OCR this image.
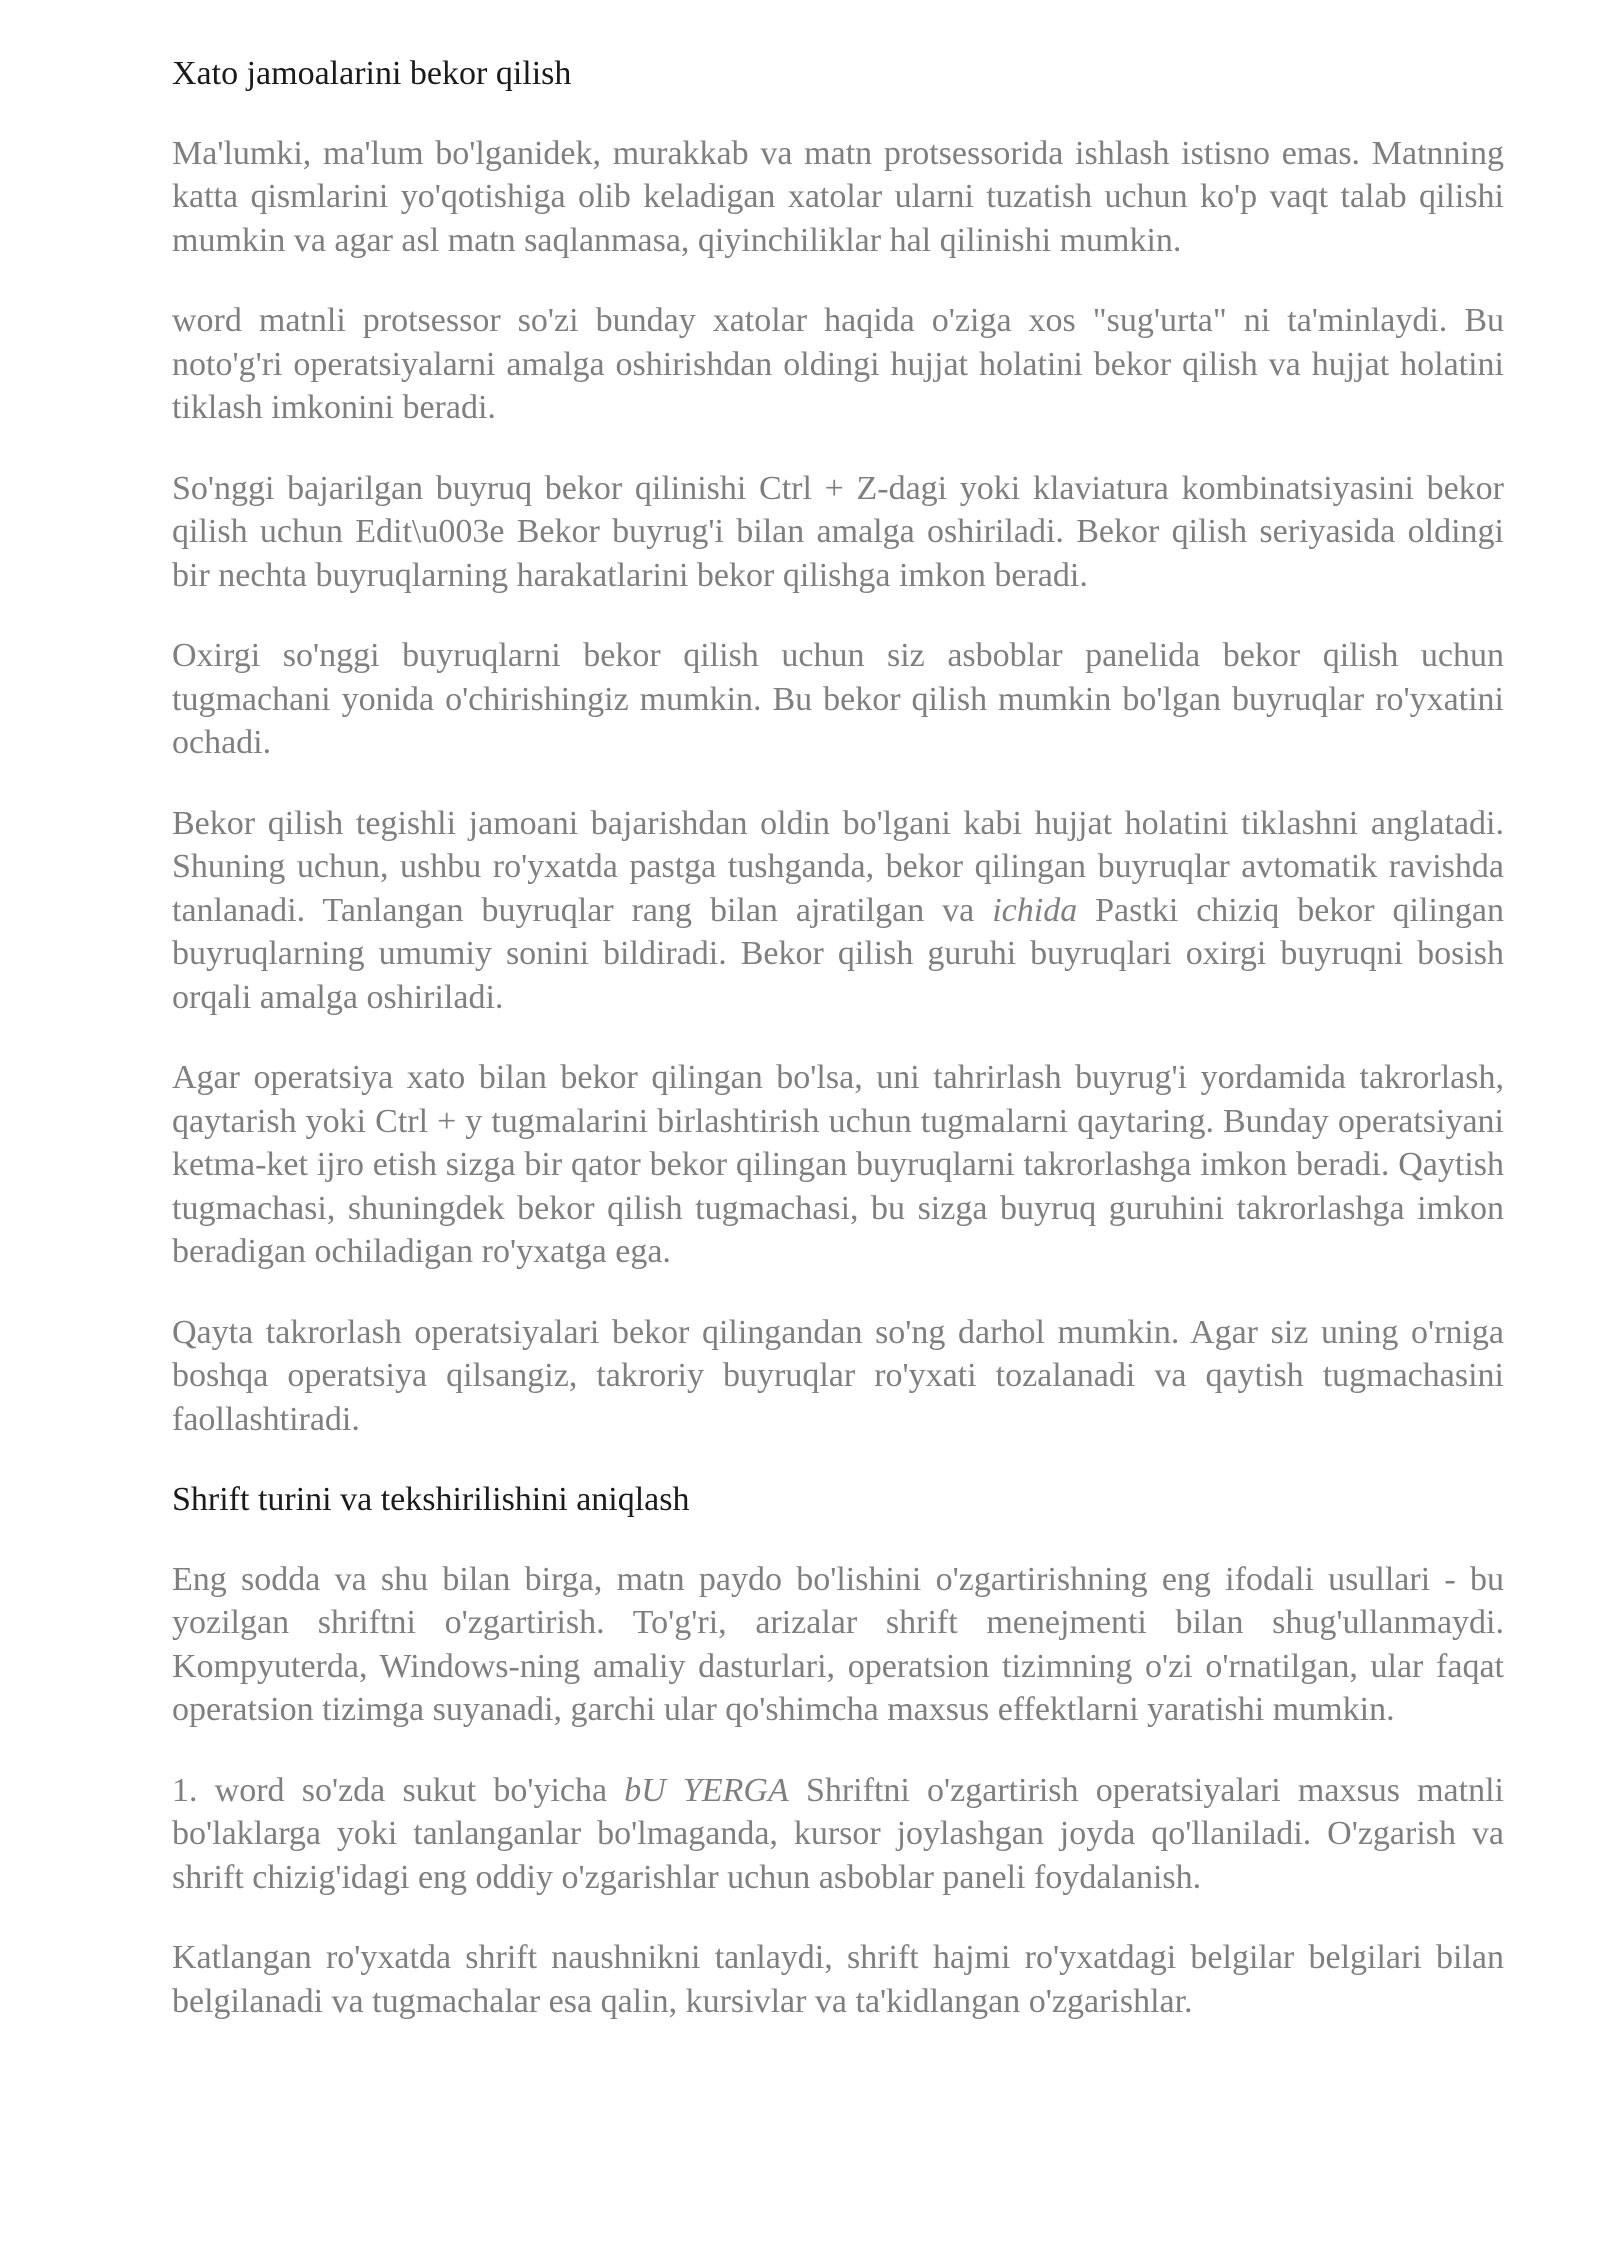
Xato jamoalarini bekor qilish

Ma'lumki, ma'lum bo'lganidek, murakkab va matn protsessorida ishlash istisno emas. Matnning katta qismlarini yo'qotishiga olib keladigan xatolar ularni tuzatish uchun ko'p vaqt talab qilishi mumkin va agar asl matn saqlanmasa, qiyinchiliklar hal qilinishi mumkin.

word matnli protsessor so'zi bunday xatolar haqida o'ziga xos "sug'urta" ni ta'minlaydi. Bu noto'g'ri operatsiyalarni amalga oshirishdan oldingi hujjat holatini bekor qilish va hujjat holatini tiklash imkonini beradi.

So'nggi bajarilgan buyruq bekor qilinishi Ctrl + Z-dagi yoki klaviatura kombinatsiyasini bekor qilish uchun Edit\u003e Bekor buyrug'i bilan amalga oshiriladi. Bekor qilish seriyasida oldingi bir nechta buyruqlarning harakatlarini bekor qilishga imkon beradi.

Oxirgi so'nggi buyruqlarni bekor qilish uchun siz asboblar panelida bekor qilish uchun tugmachani yonida o'chirishingiz mumkin. Bu bekor qilish mumkin bo'lgan buyruqlar ro'yxatini ochadi.

Bekor qilish tegishli jamoani bajarishdan oldin bo'lgani kabi hujjat holatini tiklashni anglatadi. Shuning uchun, ushbu ro'yxatda pastga tushganda, bekor qilingan buyruqlar avtomatik ravishda tanlanadi. Tanlangan buyruqlar rang bilan ajratilgan va ichida Pastki chiziq bekor qilingan buyruqlarning umumiy sonini bildiradi. Bekor qilish guruhi buyruqlari oxirgi buyruqni bosish orqali amalga oshiriladi.

Agar operatsiya xato bilan bekor qilingan bo'lsa, uni tahrirlash buyrug'i yordamida takrorlash, qaytarish yoki Ctrl + y tugmalarini birlashtirish uchun tugmalarni qaytaring. Bunday operatsiyani ketma-ket ijro etish sizga bir qator bekor qilingan buyruqlarni takrorlashga imkon beradi. Qaytish tugmachasi, shuningdek bekor qilish tugmachasi, bu sizga buyruq guruhini takrorlashga imkon beradigan ochiladigan ro'yxatga ega.

Qayta takrorlash operatsiyalari bekor qilingandan so'ng darhol mumkin. Agar siz uning o'rniga boshqa operatsiya qilsangiz, takroriy buyruqlar ro'yxati tozalanadi va qaytish tugmachasini faollashtiradi.

Shrift turini va tekshirilishini aniqlash

Eng sodda va shu bilan birga, matn paydo bo'lishini o'zgartirishning eng ifodali usullari - bu yozilgan shriftni o'zgartirish. To'g'ri, arizalar shrift menejmenti bilan shug'ullanmaydi. Kompyuterda, Windows-ning amaliy dasturlari, operatsion tizimning o'zi o'rnatilgan, ular faqat operatsion tizimga suyanadi, garchi ular qo'shimcha maxsus effektlarni yaratishi mumkin.

1. word so'zda sukut bo'yicha bU YERGA Shriftni o'zgartirish operatsiyalari maxsus matnli bo'laklarga yoki tanlanganlar bo'lmaganda, kursor joylashgan joyda qo'llaniladi. O'zgarish va shrift chizig'idagi eng oddiy o'zgarishlar uchun asboblar paneli foydalanish.

Katlangan ro'yxatda shrift naushnikni tanlaydi, shrift hajmi ro'yxatdagi belgilar belgilari bilan belgilanadi va tugmachalar esa qalin, kursivlar va ta'kidlangan o'zgarishlar.
